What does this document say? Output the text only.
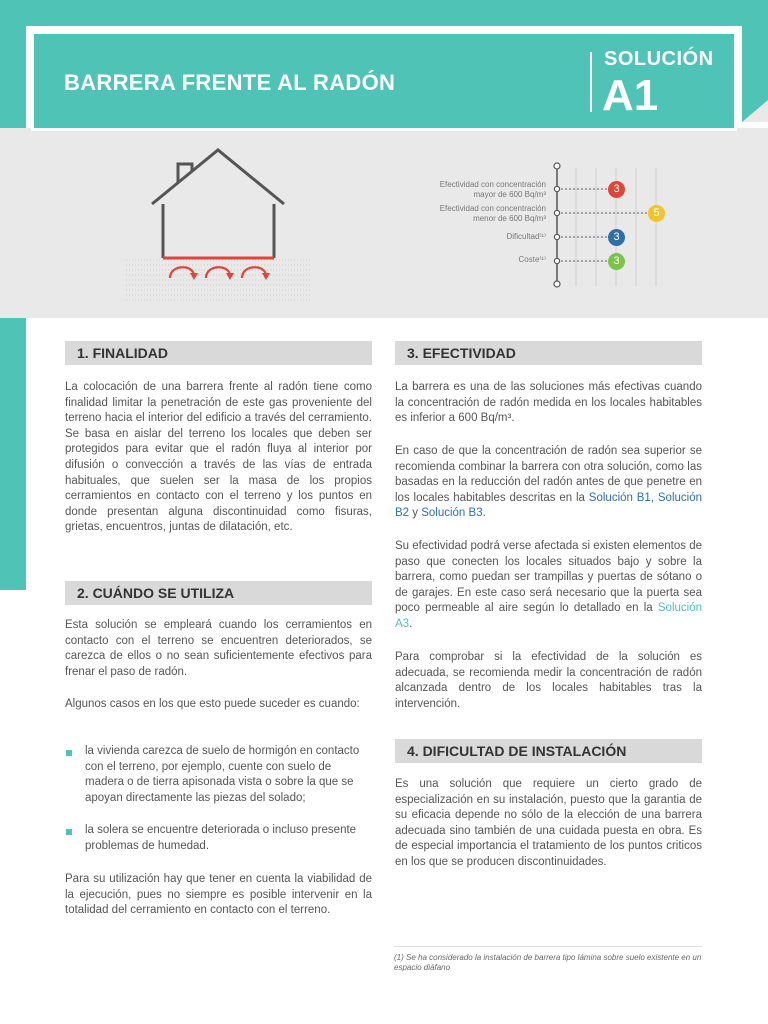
BARRERA FRENTE AL RADÓN
SOLUCIÓN
A1
Efectividad con concentración
mayor de 600 Bq/m³
Efectividad con concentración
menor de 600 Bq/m³
Dificultad⁽¹⁾
Coste⁽¹⁾
3
5
3
3
1. FINALIDAD

La colocación de una barrera frente al radón tiene como finalidad limitar la penetración de este gas proveniente del terreno hacia el interior del edificio a través del cerramiento. Se basa en aislar del terreno los locales que deben ser protegidos para evitar que el radón fluya al interior por difusión o convección a través de las vías de entrada habituales, que suelen ser la masa de los propios cerramientos en contacto con el terreno y los puntos en donde presentan alguna discontinuidad como fisuras, grietas, encuentros, juntas de dilatación, etc.

2. CUÁNDO SE UTILIZA

Esta solución se empleará cuando los cerramientos en contacto con el terreno se encuentren deteriorados, se carezca de ellos o no sean suficientemente efectivos para frenar el paso de radón.

Algunos casos en los que esto puede suceder es cuando:

la vivienda carezca de suelo de hormigón en contacto con el terreno, por ejemplo, cuente con suelo de madera o de tierra apisonada vista o sobre la que se apoyan directamente las piezas del solado;

la solera se encuentre deteriorada o incluso presente problemas de humedad.

Para su utilización hay que tener en cuenta la viabilidad de la ejecución, pues no siempre es posible intervenir en la totalidad del cerramiento en contacto con el terreno.

3. EFECTIVIDAD

La barrera es una de las soluciones más efectivas cuando la concentración de radón medida en los locales habitables es inferior a 600 Bq/m³.

En caso de que la concentración de radón sea superior se recomienda combinar la barrera con otra solución, como las basadas en la reducción del radón antes de que penetre en los locales habitables descritas en la Solución B1, Solución B2 y Solución B3.

Su efectividad podrá verse afectada si existen elementos de paso que conecten los locales situados bajo y sobre la barrera, como puedan ser trampillas y puertas de sótano o de garajes. En este caso será necesario que la puerta sea poco permeable al aire según lo detallado en la Solución A3.

Para comprobar si la efectividad de la solución es adecuada, se recomienda medir la concentración de radón alcanzada dentro de los locales habitables tras la intervención.

4. DIFICULTAD DE INSTALACIÓN

Es una solución que requiere un cierto grado de especialización en su instalación, puesto que la garantia de su eficacia depende no sólo de la elección de una barrera adecuada sino también de una cuidada puesta en obra. Es de especial importancia el tratamiento de los puntos criticos en los que se producen discontinuidades.

(1) Se ha considerado la instalación de barrera tipo lámina sobre suelo existente en un espacio diáfano
